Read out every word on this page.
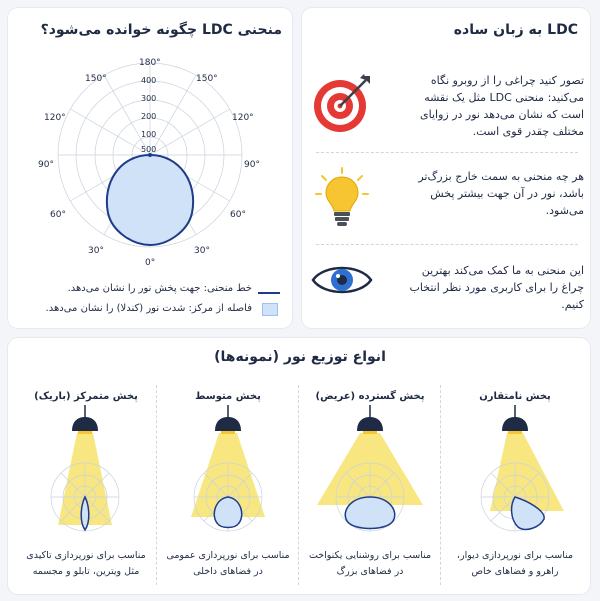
منحنی LDC چگونه خوانده می‌شود؟
180°
150°	150°
120°	120°
90°	90°
60°	60°
30°	30°
0°
100
200
300
400
500
خط منحنی: جهت پخش نور را نشان می‌دهد.
فاصله از مرکز: شدت نور (کندلا) را نشان می‌دهد.
LDC به زبان ساده
تصور کنید چراغی را از روبرو نگاه می‌کنید: منحنی LDC مثل یک نقشه است که نشان می‌دهد نور در زوایای مختلف چقدر قوی است.
هر چه منحنی به سمت خارج بزرگ‌تر باشد، نور در آن جهت بیشتر پخش می‌شود.
این منحنی به ما کمک می‌کند بهترین چراغ را برای کاربری مورد نظر انتخاب کنیم.
انواع توزیع نور (نمونه‌ها)
پخش متمرکز (باریک)
مناسب برای نورپردازی تاکیدی
مثل ویترین، تابلو و مجسمه
پخش متوسط
مناسب برای نورپردازی عمومی
در فضاهای داخلی
پخش گسترده (عریض)
مناسب برای روشنایی یکنواخت
در فضاهای بزرگ
پخش نامتقارن
مناسب برای نورپردازی دیوار،
راهرو و فضاهای خاص
